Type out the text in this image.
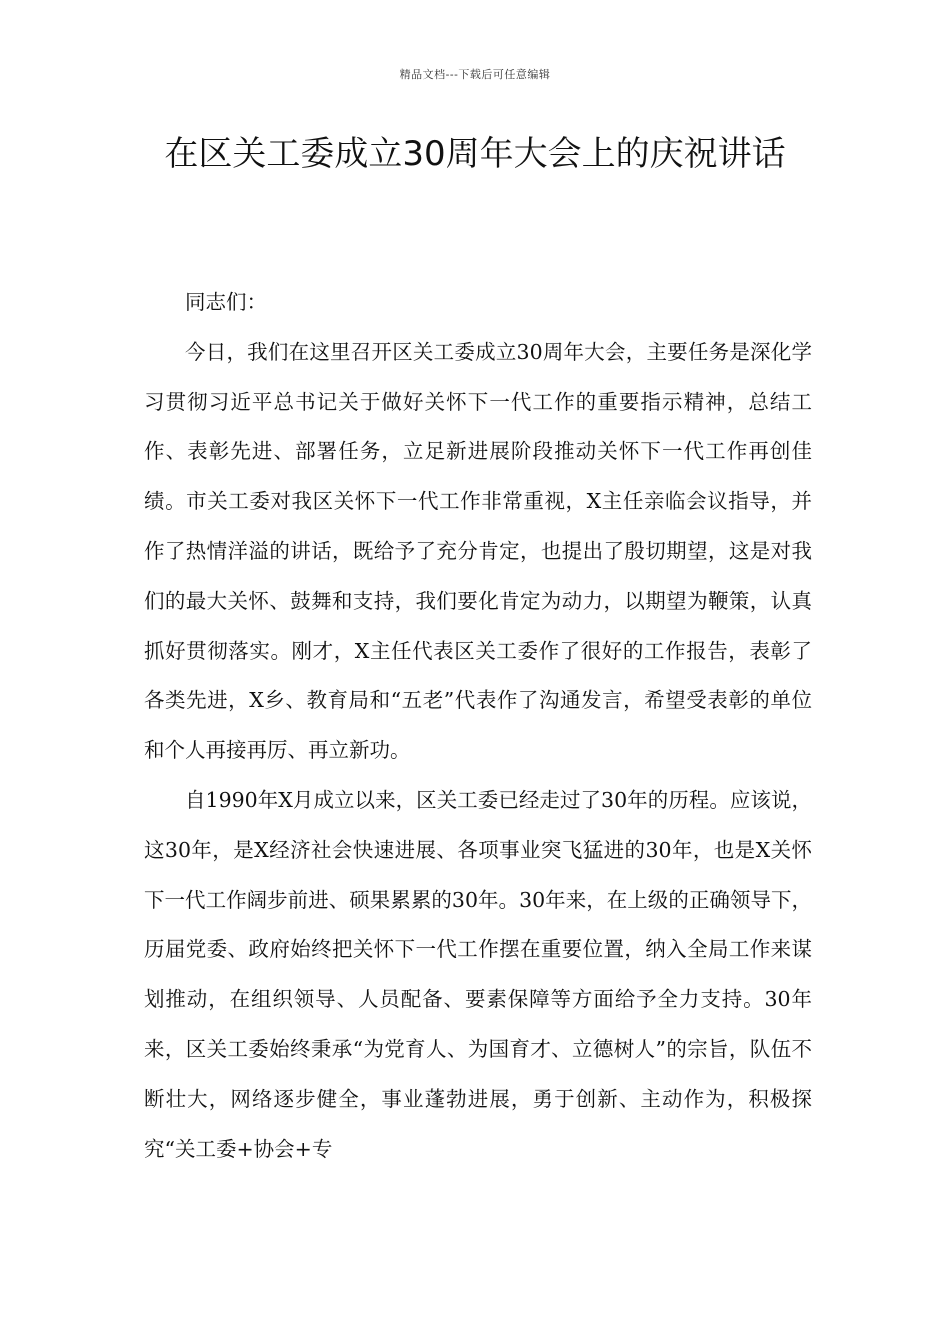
精品文档---下载后可任意编辑
在区关工委成立30周年大会上的庆祝讲话

同志们：

今日，我们在这里召开区关工委成立30周年大会，主要任务是深化学习贯彻习近平总书记关于做好关怀下一代工作的重要指示精神，总结工作、表彰先进、部署任务，立足新进展阶段推动关怀下一代工作再创佳绩。市关工委对我区关怀下一代工作非常重视，X主任亲临会议指导，并作了热情洋溢的讲话，既给予了充分肯定，也提出了殷切期望，这是对我们的最大关怀、鼓舞和支持，我们要化肯定为动力，以期望为鞭策，认真抓好贯彻落实。刚才，X主任代表区关工委作了很好的工作报告，表彰了各类先进，X乡、教育局和“五老”代表作了沟通发言，希望受表彰的单位和个人再接再厉、再立新功。

自1990年X月成立以来，区关工委已经走过了30年的历程。应该说，这30年，是X经济社会快速进展、各项事业突飞猛进的30年，也是X关怀下一代工作阔步前进、硕果累累的30年。30年来，在上级的正确领导下，历届党委、政府始终把关怀下一代工作摆在重要位置，纳入全局工作来谋划推动，在组织领导、人员配备、要素保障等方面给予全力支持。30年来，区关工委始终秉承“为党育人、为国育才、立德树人”的宗旨，队伍不断壮大，网络逐步健全，事业蓬勃进展，勇于创新、主动作为，积极探究“关工委+协会+专
